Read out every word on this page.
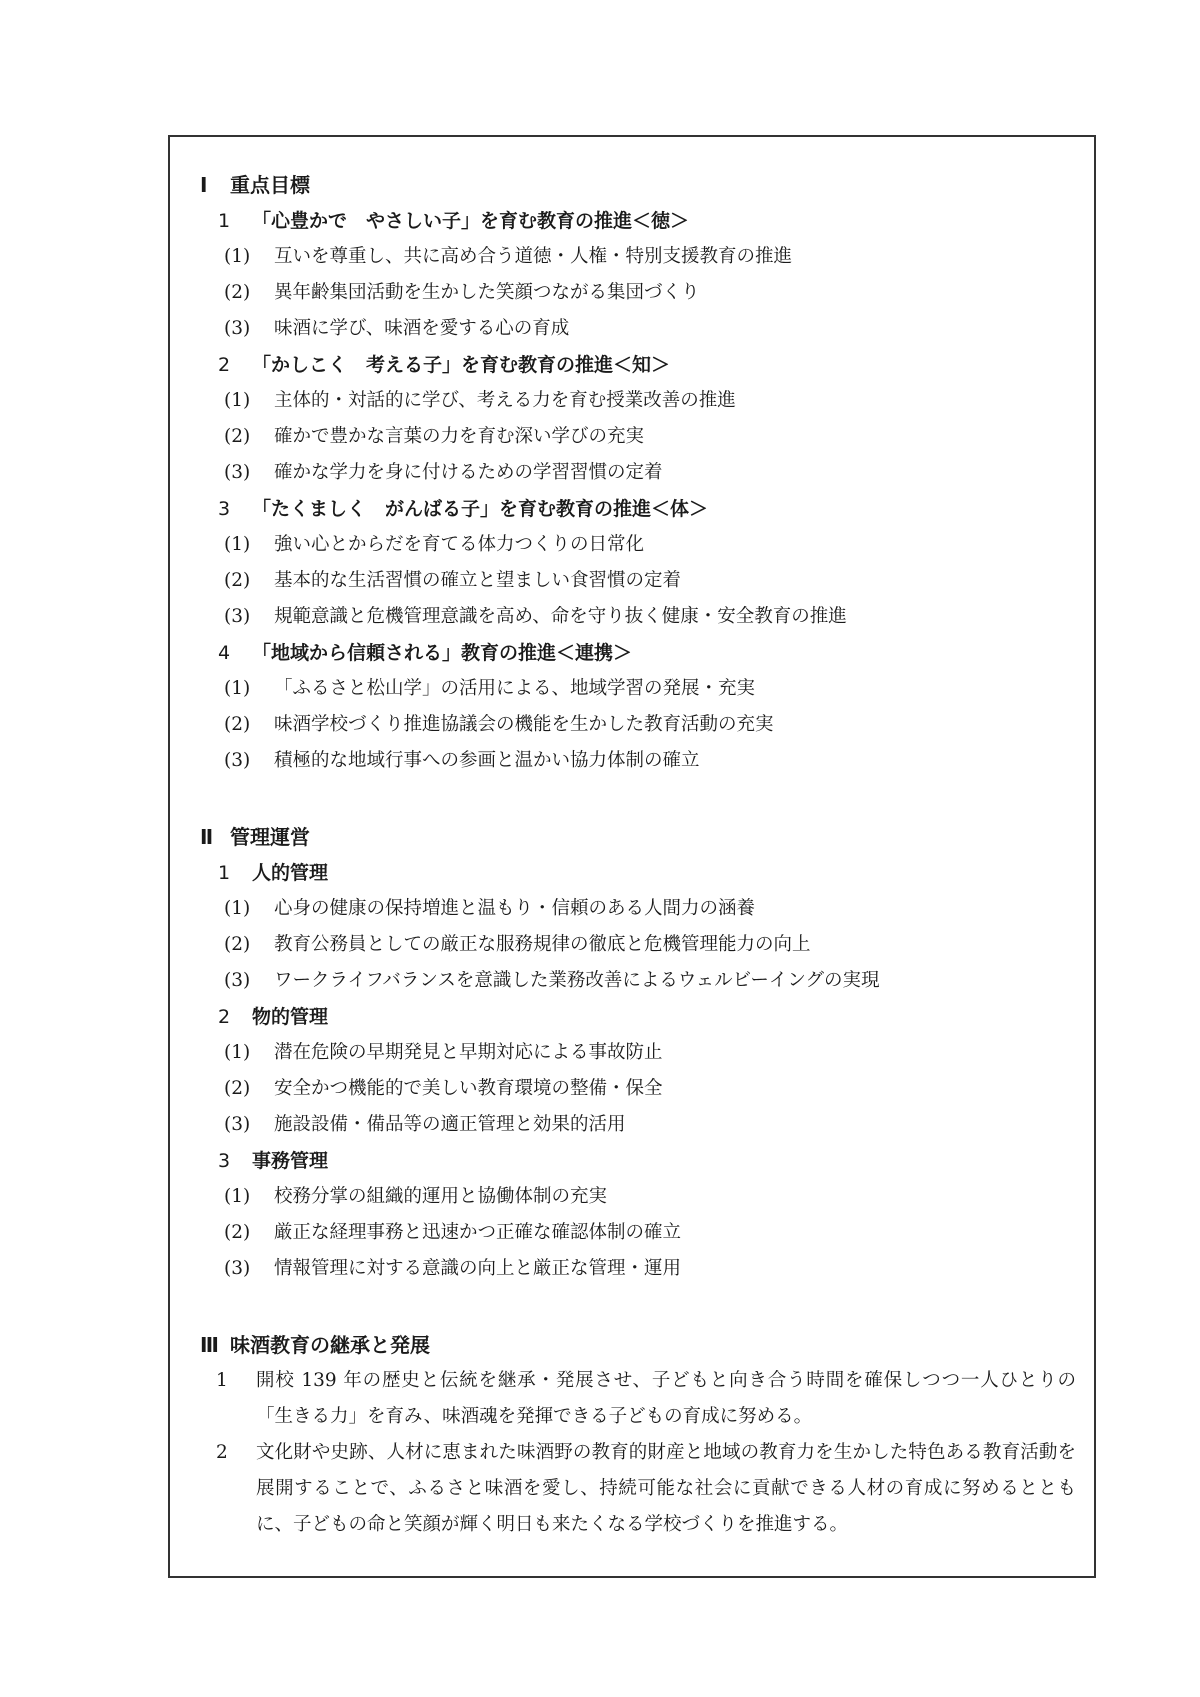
Ⅰ 重点目標
1 「心豊かで　やさしい子」を育む教育の推進＜徳＞
(1) 互いを尊重し、共に高め合う道徳・人権・特別支援教育の推進
(2) 異年齢集団活動を生かした笑顔つながる集団づくり
(3) 味酒に学び、味酒を愛する心の育成
2 「かしこく　考える子」を育む教育の推進＜知＞
(1) 主体的・対話的に学び、考える力を育む授業改善の推進
(2) 確かで豊かな言葉の力を育む深い学びの充実
(3) 確かな学力を身に付けるための学習習慣の定着
3 「たくましく　がんばる子」を育む教育の推進＜体＞
(1) 強い心とからだを育てる体力つくりの日常化
(2) 基本的な生活習慣の確立と望ましい食習慣の定着
(3) 規範意識と危機管理意識を高め、命を守り抜く健康・安全教育の推進
4 「地域から信頼される」教育の推進＜連携＞
(1) 「ふるさと松山学」の活用による、地域学習の発展・充実
(2) 味酒学校づくり推進協議会の機能を生かした教育活動の充実
(3) 積極的な地域行事への参画と温かい協力体制の確立
Ⅱ 管理運営
1 人的管理
(1) 心身の健康の保持増進と温もり・信頼のある人間力の涵養
(2) 教育公務員としての厳正な服務規律の徹底と危機管理能力の向上
(3) ワークライフバランスを意識した業務改善によるウェルビーイングの実現
2 物的管理
(1) 潜在危険の早期発見と早期対応による事故防止
(2) 安全かつ機能的で美しい教育環境の整備・保全
(3) 施設設備・備品等の適正管理と効果的活用
3 事務管理
(1) 校務分掌の組織的運用と協働体制の充実
(2) 厳正な経理事務と迅速かつ正確な確認体制の確立
(3) 情報管理に対する意識の向上と厳正な管理・運用
Ⅲ 味酒教育の継承と発展
1	開校 139 年の歴史と伝統を継承・発展させ、子どもと向き合う時間を確保しつつ一人ひとりの「生きる力」を育み、味酒魂を発揮できる子どもの育成に努める。
2	文化財や史跡、人材に恵まれた味酒野の教育的財産と地域の教育力を生かした特色ある教育活動を展開することで、ふるさと味酒を愛し、持続可能な社会に貢献できる人材の育成に努めるとともに、子どもの命と笑顔が輝く明日も来たくなる学校づくりを推進する。
